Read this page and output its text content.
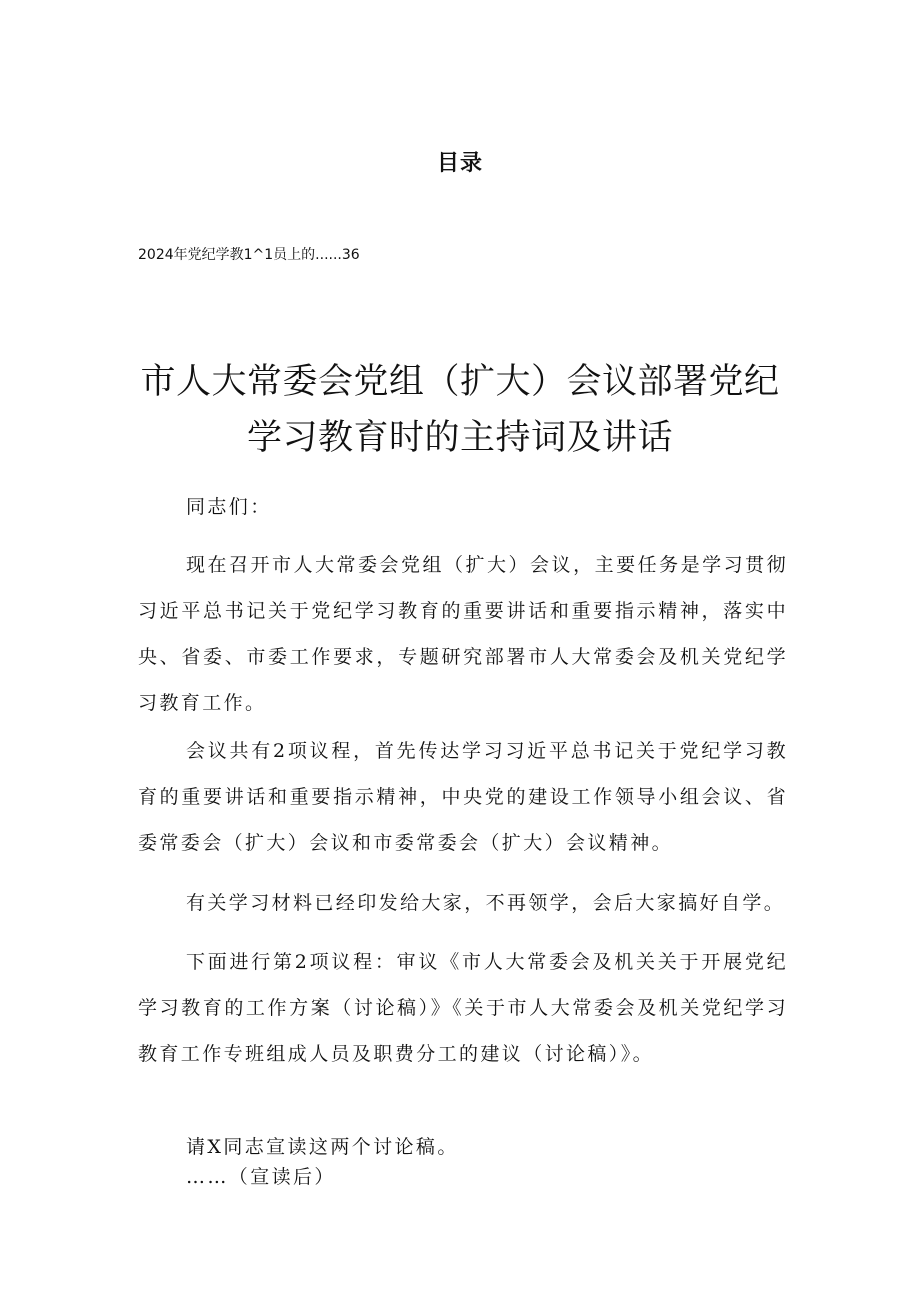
目录
2024年党纪学教1^1员上的......36
市人大常委会党组（扩大）会议部署党纪
学习教育时的主持词及讲话

同志们：

现在召开市人大常委会党组（扩大）会议，主要任务是学习贯彻习近平总书记关于党纪学习教育的重要讲话和重要指示精神，落实中央、省委、市委工作要求，专题研究部署市人大常委会及机关党纪学习教育工作。

会议共有2项议程，首先传达学习习近平总书记关于党纪学习教育的重要讲话和重要指示精神，中央党的建设工作领导小组会议、省委常委会（扩大）会议和市委常委会（扩大）会议精神。

有关学习材料已经印发给大家，不再领学，会后大家搞好自学。

下面进行第2项议程：审议《市人大常委会及机关关于开展党纪学习教育的工作方案（讨论稿）》《关于市人大常委会及机关党纪学习教育工作专班组成人员及职费分工的建议（讨论稿）》。

请X同志宣读这两个讨论稿。

……（宣读后）
